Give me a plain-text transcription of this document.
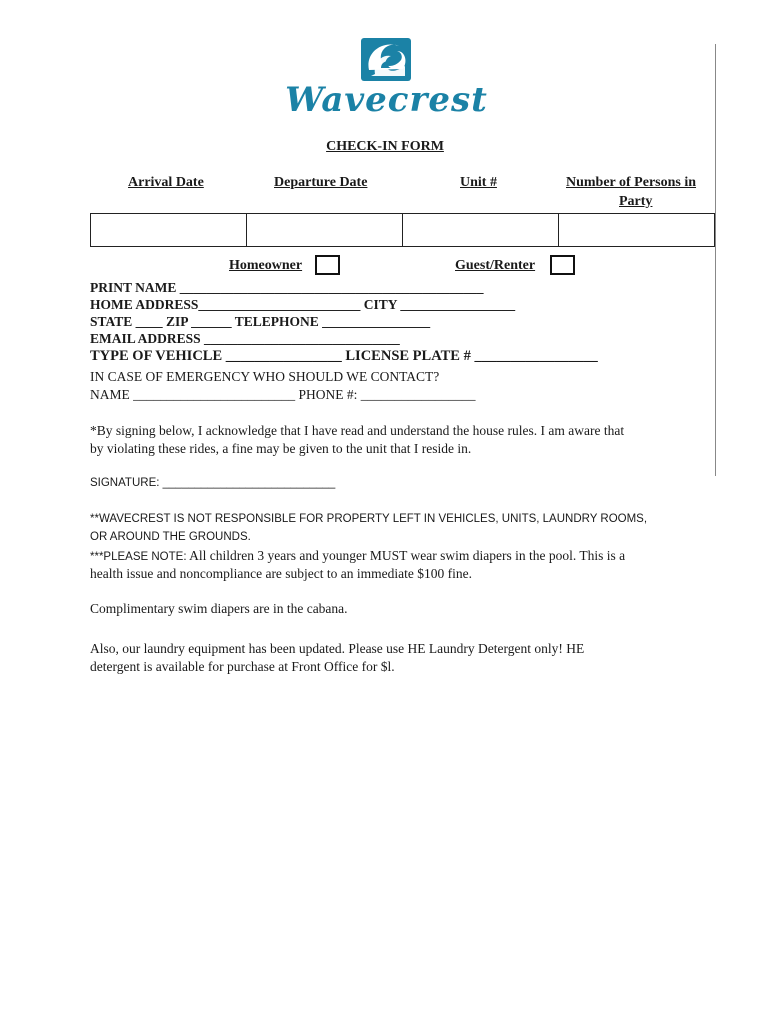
Wavecrest
CHECK-IN FORM
Arrival Date	Departure Date	Unit #	Number of Persons in
Party
Homeowner	Guest/Renter
PRINT NAME _____________________________________________
HOME ADDRESS________________________ CITY _________________
STATE ____ ZIP ______ TELEPHONE ________________
EMAIL ADDRESS _____________________________
TYPE OF VEHICLE ________________ LICENSE PLATE # _________________
IN CASE OF EMERGENCY WHO SHOULD WE CONTACT?
NAME ________________________ PHONE #: _________________
*By signing below, I acknowledge that I have read and understand the house rules. I am aware that
by violating these rides, a fine may be given to the unit that I reside in.
SIGNATURE: ___________________________
**WAVECREST IS NOT RESPONSIBLE FOR PROPERTY LEFT IN VEHICLES, UNITS, LAUNDRY ROOMS,
OR AROUND THE GROUNDS.
***PLEASE NOTE: All children 3 years and younger MUST wear swim diapers in the pool. This is a
health issue and noncompliance are subject to an immediate $100 fine.
Complimentary swim diapers are in the cabana.
Also, our laundry equipment has been updated. Please use HE Laundry Detergent only! HE
detergent is available for purchase at Front Office for $l.
